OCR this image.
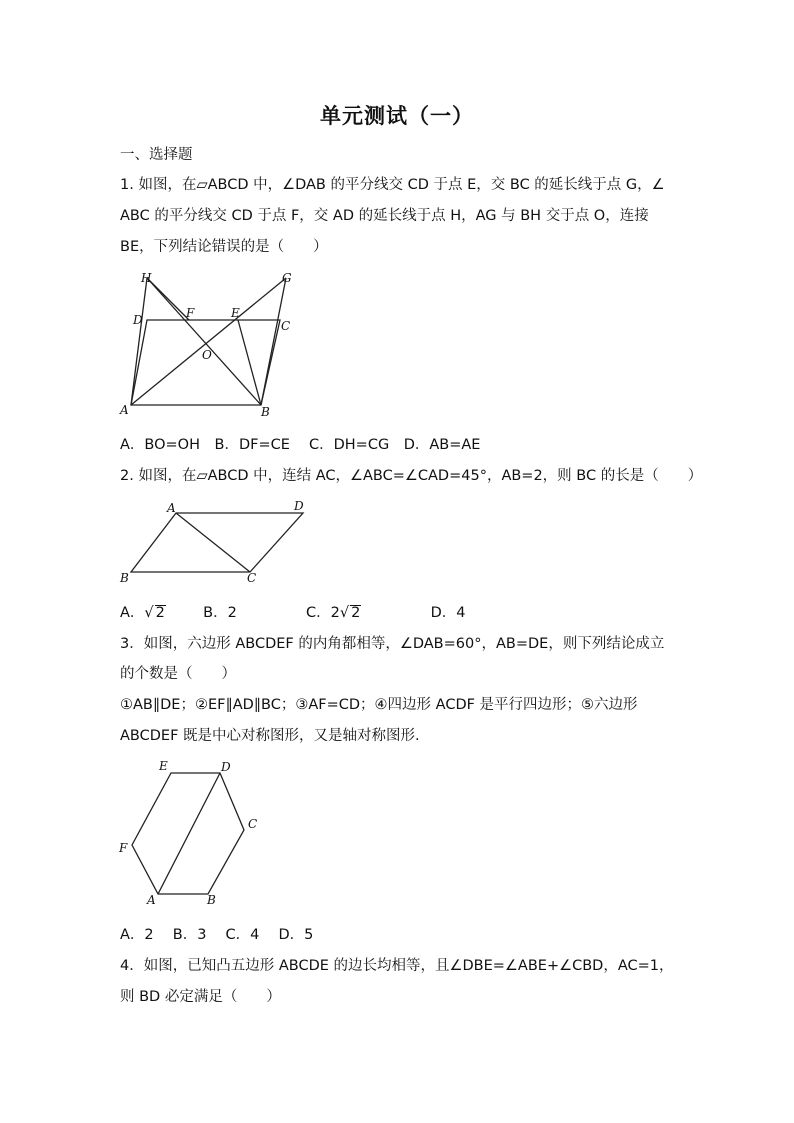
单元测试（一）
一、选择题
1. 如图，在▱ABCD 中，∠DAB 的平分线交 CD 于点 E，交 BC 的延长线于点 G，∠
ABC 的平分线交 CD 于点 F，交 AD 的延长线于点 H，AG 与 BH 交于点 O，连接
BE，下列结论错误的是（　　）
H	G
D	F	E
C
O
A	B
A．BO=OH　B．DF=CE　 C．DH=CG　D．AB=AE
2. 如图，在▱ABCD 中，连结 AC，∠ABC=∠CAD=45°，AB=2，则 BC 的长是（　　）
A	D
B	C
A．√ 2	B．2	C．2√ 2	D．4
3．如图，六边形 ABCDEF 的内角都相等，∠DAB=60°，AB=DE，则下列结论成立
的个数是（　　）
①AB∥DE；②EF∥AD∥BC；③AF=CD；④四边形 ACDF 是平行四边形；⑤六边形
ABCDEF 既是中心对称图形，又是轴对称图形.
E	D
C
F
A	B
A．2　 B．3　 C．4　 D．5
4．如图，已知凸五边形 ABCDE 的边长均相等，且∠DBE=∠ABE+∠CBD，AC=1，
则 BD 必定满足（　　）
